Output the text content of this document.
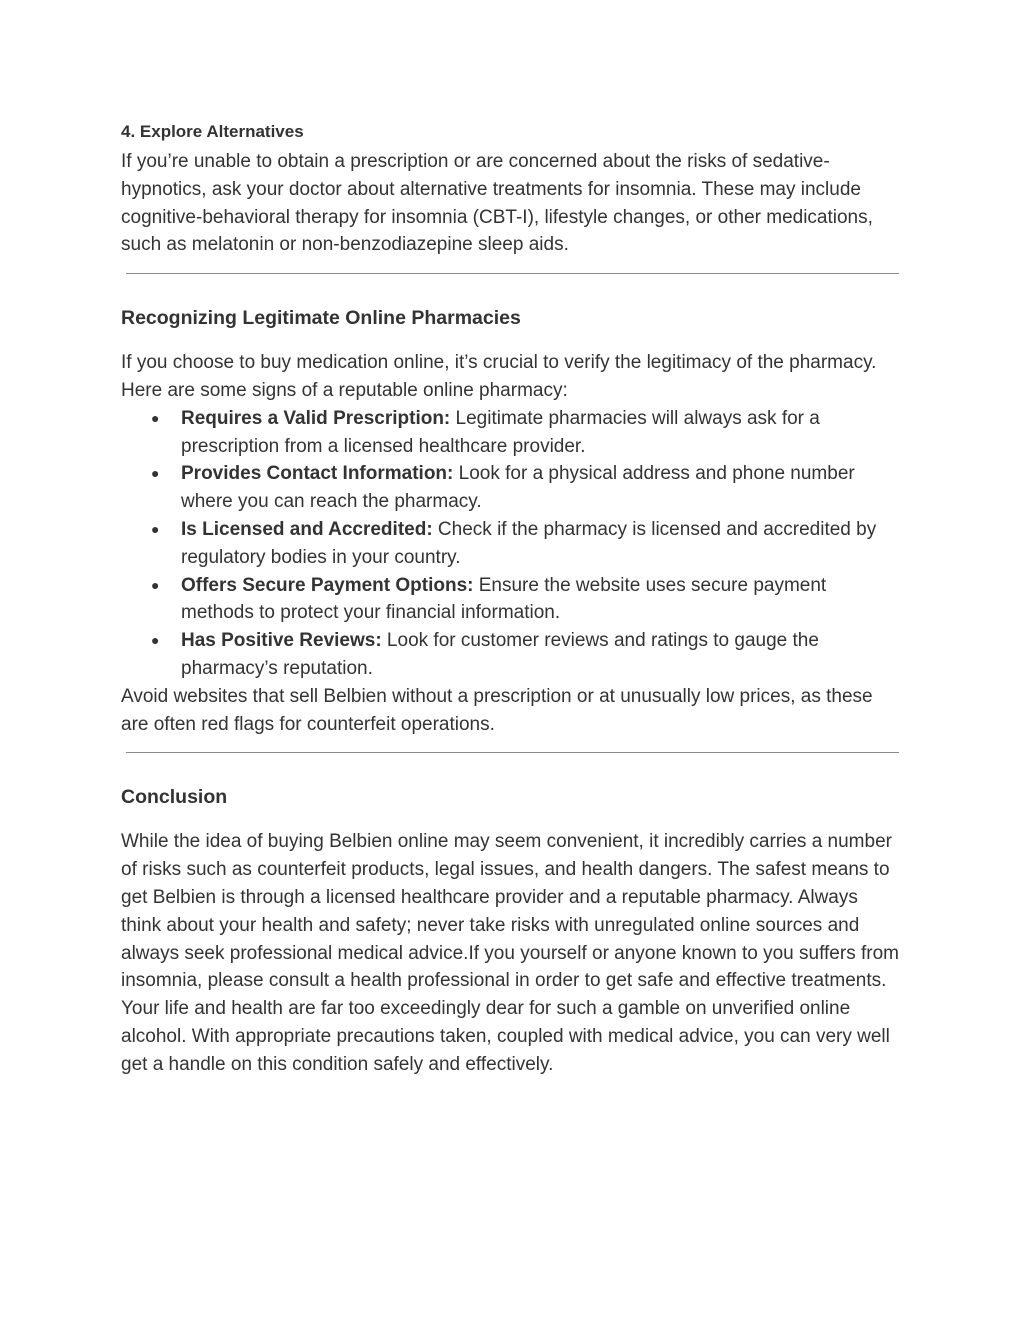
4. Explore Alternatives

If you’re unable to obtain a prescription or are concerned about the risks of sedative-hypnotics, ask your doctor about alternative treatments for insomnia. These may include cognitive-behavioral therapy for insomnia (CBT-I), lifestyle changes, or other medications, such as melatonin or non-benzodiazepine sleep aids.

Recognizing Legitimate Online Pharmacies

If you choose to buy medication online, it’s crucial to verify the legitimacy of the pharmacy. Here are some signs of a reputable online pharmacy:

● Requires a Valid Prescription: Legitimate pharmacies will always ask for a prescription from a licensed healthcare provider.
● Provides Contact Information: Look for a physical address and phone number where you can reach the pharmacy.
● Is Licensed and Accredited: Check if the pharmacy is licensed and accredited by regulatory bodies in your country.
● Offers Secure Payment Options: Ensure the website uses secure payment methods to protect your financial information.
● Has Positive Reviews: Look for customer reviews and ratings to gauge the pharmacy’s reputation.

Avoid websites that sell Belbien without a prescription or at unusually low prices, as these are often red flags for counterfeit operations.

Conclusion

While the idea of buying Belbien online may seem convenient, it incredibly carries a number of risks such as counterfeit products, legal issues, and health dangers. The safest means to get Belbien is through a licensed healthcare provider and a reputable pharmacy. Always think about your health and safety; never take risks with unregulated online sources and always seek professional medical advice.If you yourself or anyone known to you suffers from insomnia, please consult a health professional in order to get safe and effective treatments. Your life and health are far too exceedingly dear for such a gamble on unverified online alcohol. With appropriate precautions taken, coupled with medical advice, you can very well get a handle on this condition safely and effectively.
